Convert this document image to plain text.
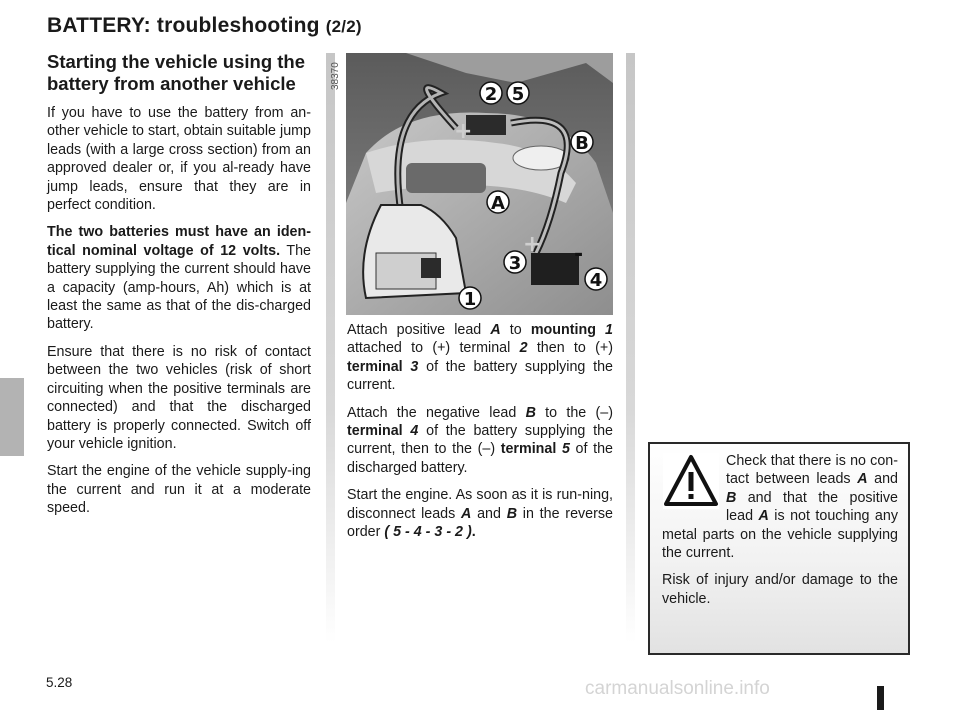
BATTERY: troubleshooting (2/2)
Starting the vehicle using the battery from another vehicle

If you have to use the battery from an-other vehicle to start, obtain suitable jump leads (with a large cross section) from an approved dealer or, if you al-ready have jump leads, ensure that they are in perfect condition.

The two batteries must have an iden-tical nominal voltage of 12 volts. The battery supplying the current should have a capacity (amp-hours, Ah) which is at least the same as that of the dis-charged battery.

Ensure that there is no risk of contact between the two vehicles (risk of short circuiting when the positive terminals are connected) and that the discharged battery is properly connected. Switch off your vehicle ignition.

Start the engine of the vehicle supply-ing the current and run it at a moderate speed.

38370
+ -
+
2 5
B
A
3
4
1

Attach positive lead A to mounting 1 attached to (+) terminal 2 then to (+) terminal 3 of the battery supplying the current.

Attach the negative lead B to the (–) terminal 4 of the battery supplying the current, then to the (–) terminal 5 of the discharged battery.

Start the engine. As soon as it is run-ning, disconnect leads A and B in the reverse order ( 5 - 4 - 3 - 2 ).

Check that there is no con-tact between leads A and B and that the positive lead A is not touching any metal parts on the vehicle supplying the current.

Risk of injury and/or damage to the vehicle.

5.28	carmanualsonline.info
